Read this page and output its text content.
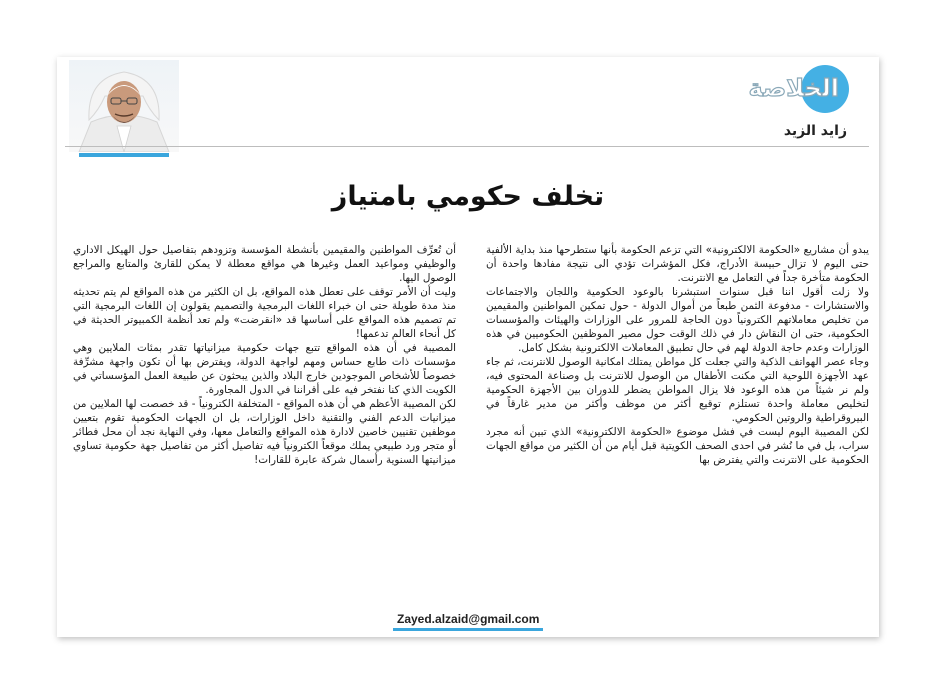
الخلاصة
زايد الزيد
تخلف حكومي بامتياز

يبدو أن مشاريع «الحكومة الالكترونية» التي تزعم الحكومة بأنها ستطرحها منذ بداية الألفية حتى اليوم لا تزال حبيسة الأدراج، فكل المؤشرات تؤدي الى نتيجة مفادها واحدة أن الحكومة متأخرة جداً في التعامل مع الانترنت.

ولا زلت أقول اننا قبل سنوات استبشرنا بالوعود الحكومية واللجان والاجتماعات والاستشارات - مدفوعة الثمن طبعاً من أموال الدولة - حول تمكين المواطنين والمقيمين من تخليص معاملاتهم الكترونياً دون الحاجة للمرور على الوزارات والهيئات والمؤسسات الحكومية، حتى ان النقاش دار في ذلك الوقت حول مصير الموظفين الحكوميين في هذه الوزارات وعدم حاجة الدولة لهم في حال تطبيق المعاملات الالكترونية بشكل كامل.

وجاء عصر الهواتف الذكية والتي جعلت كل مواطن يمتلك امكانية الوصول للانترنت، ثم جاء عهد الأجهزة اللوحية التي مكنت الأطفال من الوصول للانترنت بل وصناعة المحتوى فيه، ولم نر شيئاً من هذه الوعود فلا يزال المواطن يضطر للدوران بين الأجهزة الحكومية لتخليص معاملة واحدة تستلزم توقيع أكثر من موظف وأكثر من مدير غارقاً في البيروقراطية والروتين الحكومي.

لكن المصيبة اليوم ليست في فشل موضوع «الحكومة الالكترونية» الذي تبين أنه مجرد سراب، بل في ما نُشر في احدى الصحف الكويتية قبل أيام من أن الكثير من مواقع الجهات الحكومية على الانترنت والتي يفترض بها

أن تُعرِّف المواطنين والمقيمين بأنشطة المؤسسة وتزودهم بتفاصيل حول الهيكل الاداري والوظيفي ومواعيد العمل وغيرها هي مواقع معطلة لا يمكن للقارئ والمتابع والمراجع الوصول اليها.

وليت أن الأمر توقف على تعطل هذه المواقع، بل ان الكثير من هذه المواقع لم يتم تحديثه منذ مدة طويلة حتى ان خبراء اللغات البرمجية والتصميم يقولون إن اللغات البرمجية التي تم تصميم هذه المواقع على أساسها قد «انقرضت» ولم تعد أنظمة الكمبيوتر الحديثة في كل أنحاء العالم تدعمها!

المصيبة في أن هذه المواقع تتبع جهات حكومية ميزانياتها تقدر بمئات الملايين وهي مؤسسات ذات طابع حساس ومهم لواجهة الدولة، ويفترض بها أن تكون واجهة مشرِّفة خصوصاً للأشخاص الموجودين خارج البلاد والذين يبحثون عن طبيعة العمل المؤسساتي في الكويت الذي كنا نفتخر فيه على أقراننا في الدول المجاورة.

لكن المصيبة الأعظم هي أن هذه المواقع - المتخلفة الكترونياً - قد خصصت لها الملايين من ميزانيات الدعم الفني والتقنية داخل الوزارات، بل ان الجهات الحكومية تقوم بتعيين موظفين تقنيين خاصين لادارة هذه المواقع والتعامل معها، وفي النهاية نجد أن محل فطائر أو متجر ورد طبيعي يملك موقعاً الكترونياً فيه تفاصيل أكثر من تفاصيل جهة حكومية تساوي ميزانيتها السنوية رأسمال شركة عابرة للقارات!

Zayed.alzaid@gmail.com
